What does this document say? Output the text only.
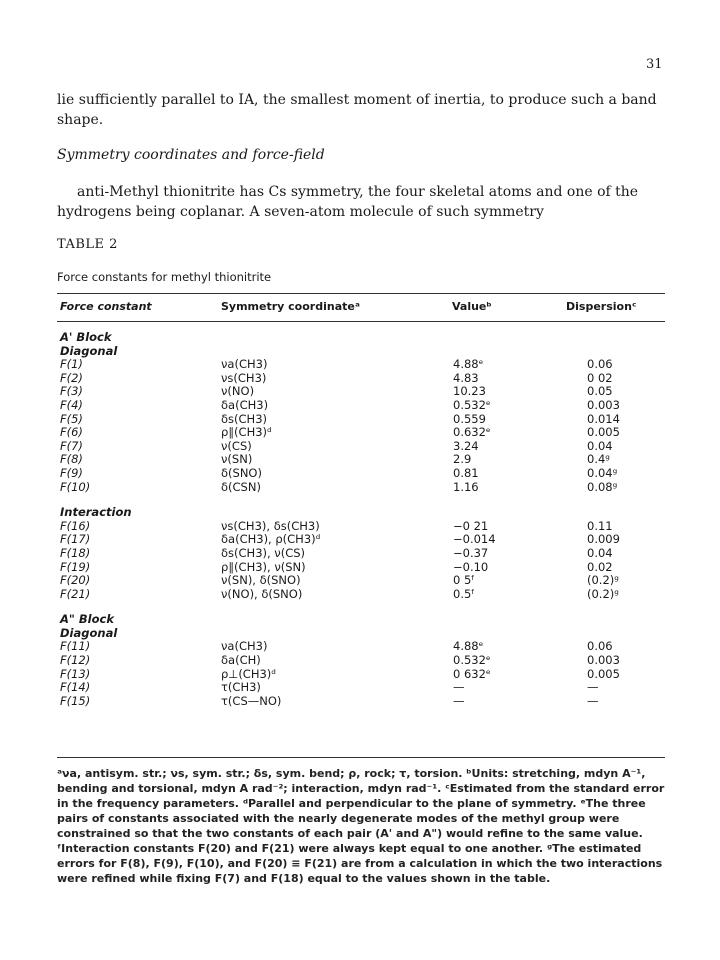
31
lie sufficiently parallel to IA, the smallest moment of inertia, to produce such a band shape.
Symmetry coordinates and force-field
anti-Methyl thionitrite has Cs symmetry, the four skeletal atoms and one of the hydrogens being coplanar. A seven-atom molecule of such symmetry
TABLE 2
Force constants for methyl thionitrite
Force constant	Symmetry coordinateᵃ	Valueᵇ	Dispersionᶜ
A' Block
Diagonal
F(1)	νa(CH3)	4.88ᵉ	0.06
F(2)	νs(CH3)	4.83	0 02
F(3)	ν(NO)	10.23	0.05
F(4)	δa(CH3)	0.532ᵉ	0.003
F(5)	δs(CH3)	0.559	0.014
F(6)	ρ∥(CH3)ᵈ	0.632ᵉ	0.005
F(7)	ν(CS)	3.24	0.04
F(8)	ν(SN)	2.9	0.4ᵍ
F(9)	δ(SNO)	0.81	0.04ᵍ
F(10)	δ(CSN)	1.16	0.08ᵍ
Interaction
F(16)	νs(CH3), δs(CH3)	−0 21	0.11
F(17)	δa(CH3), ρ(CH3)ᵈ	−0.014	0.009
F(18)	δs(CH3), ν(CS)	−0.37	0.04
F(19)	ρ∥(CH3), ν(SN)	−0.10	0.02
F(20)	ν(SN), δ(SNO)	0 5ᶠ	(0.2)ᵍ
F(21)	ν(NO), δ(SNO)	0.5ᶠ	(0.2)ᵍ
A" Block
Diagonal
F(11)	νa(CH3)	4.88ᵉ	0.06
F(12)	δa(CH)	0.532ᵉ	0.003
F(13)	ρ⊥(CH3)ᵈ	0 632ᵉ	0.005
F(14)	τ(CH3)	—	—
F(15)	τ(CS—NO)	—	—
ᵃνa, antisym. str.; νs, sym. str.; δs, sym. bend; ρ, rock; τ, torsion. ᵇUnits: stretching, mdyn A⁻¹, bending and torsional, mdyn A rad⁻²; interaction, mdyn rad⁻¹. ᶜEstimated from the standard error in the frequency parameters. ᵈParallel and perpendicular to the plane of symmetry. ᵉThe three pairs of constants associated with the nearly degenerate modes of the methyl group were constrained so that the two constants of each pair (A' and A") would refine to the same value. ᶠInteraction constants F(20) and F(21) were always kept equal to one another. ᵍThe estimated errors for F(8), F(9), F(10), and F(20) ≡ F(21) are from a calculation in which the two interactions were refined while fixing F(7) and F(18) equal to the values shown in the table.
